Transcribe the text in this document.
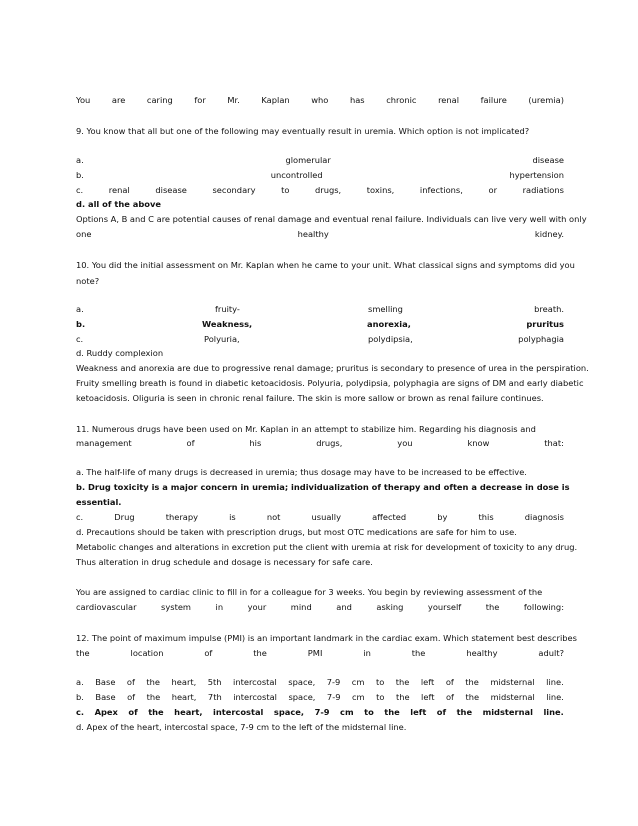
You	are	caring	for	Mr.	Kaplan	who	has	chronic	renal	failure	(uremia)
9. You know that all but one of the following may eventually result in uremia. Which option is not implicated?
a.	glomerular	disease
b.	uncontrolled	hypertension
c.	renal	disease	secondary	to	drugs,	toxins,	infections,	or	radiations
d. all of the above
Options A, B and C are potential causes of renal damage and eventual renal failure. Individuals can live very well with only
one	healthy	kidney.
10. You did the initial assessment on Mr. Kaplan when he came to your unit. What classical signs and symptoms did you
note?
a.	fruity-	smelling	breath.
b.	Weakness,	anorexia,	pruritus
c.	Polyuria,	polydipsia,	polyphagia
d. Ruddy complexion
Weakness and anorexia are due to progressive renal damage; pruritus is secondary to presence of urea in the perspiration.
Fruity smelling breath is found in diabetic ketoacidosis. Polyuria, polydipsia, polyphagia are signs of DM and early diabetic
ketoacidosis. Oliguria is seen in chronic renal failure. The skin is more sallow or brown as renal failure continues.
11. Numerous drugs have been used on Mr. Kaplan in an attempt to stabilize him. Regarding his diagnosis and
management	of	his	drugs,	you	know	that:
a. The half-life of many drugs is decreased in uremia; thus dosage may have to be increased to be effective.
b. Drug toxicity is a major concern in uremia; individualization of therapy and often a decrease in dose is
essential.
c.	Drug	therapy	is	not	usually	affected	by	this	diagnosis
d. Precautions should be taken with prescription drugs, but most OTC medications are safe for him to use.
Metabolic changes and alterations in excretion put the client with uremia at risk for development of toxicity to any drug.
Thus alteration in drug schedule and dosage is necessary for safe care.
You are assigned to cardiac clinic to fill in for a colleague for 3 weeks. You begin by reviewing assessment of the
cardiovascular	system	in	your	mind	and	asking	yourself	the	following:
12. The point of maximum impulse (PMI) is an important landmark in the cardiac exam. Which statement best describes
the	location	of	the	PMI	in	the	healthy	adult?
a. Base of the heart, 5th intercostal space, 7-9 cm to the left of the midsternal line.
b. Base of the heart, 7th intercostal space, 7-9 cm to the left of the midsternal line.
c. Apex of the heart, intercostal space, 7-9 cm to the left of the midsternal line.
d. Apex of the heart, intercostal space, 7-9 cm to the left of the midsternal line.
